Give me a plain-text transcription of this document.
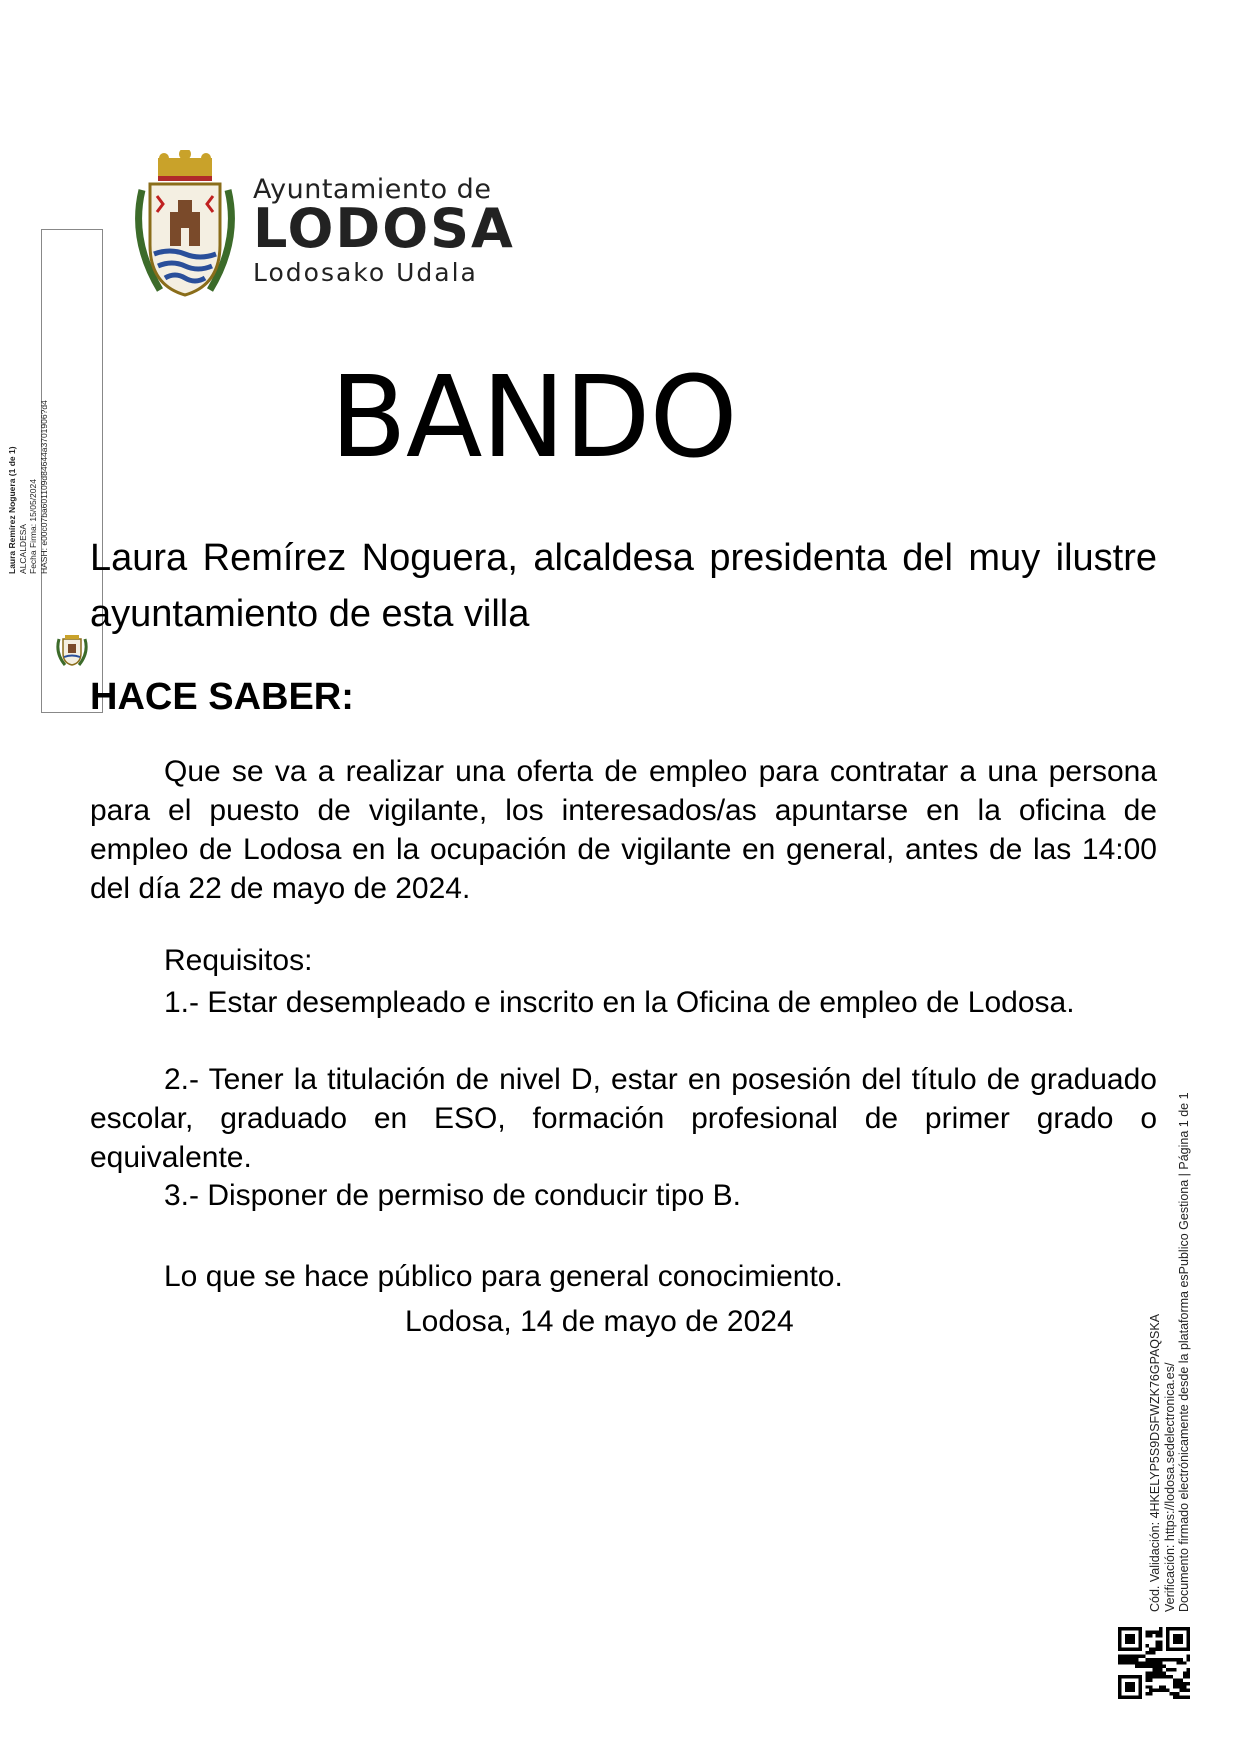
Ayuntamiento de
LODOSA
Lodosako Udala
Laura Remírez Noguera (1 de 1) ALCALDESA Fecha Firma: 15/05/2024 HASH: e00c07ba601109d84644a3701906?d4	BANDO
Laura Remírez Noguera, alcaldesa presidenta del muy ilustre ayuntamiento de esta villa
HACE SABER:
Que se va a realizar una oferta de empleo para contratar a una persona para el puesto de vigilante, los interesados/as apuntarse en la oficina de empleo de Lodosa en la ocupación de vigilante en general, antes de las 14:00 del día 22 de mayo de 2024.
Requisitos:
1.- Estar desempleado e inscrito en la Oficina de empleo de Lodosa.
2.- Tener la titulación de nivel D, estar en posesión del título de graduado escolar, graduado en ESO, formación profesional de primer grado o equivalente.
3.- Disponer de permiso de conducir tipo B.
Lo que se hace público para general conocimiento.
Lodosa, 14 de mayo de 2024	Cód. Validación: 4HKELYP5S9DSFWZK76GPAQSKA Verificación: https://lodosa.sedelectronica.es/ Documento firmado electrónicamente desde la plataforma esPublico Gestiona | Página 1 de 1
